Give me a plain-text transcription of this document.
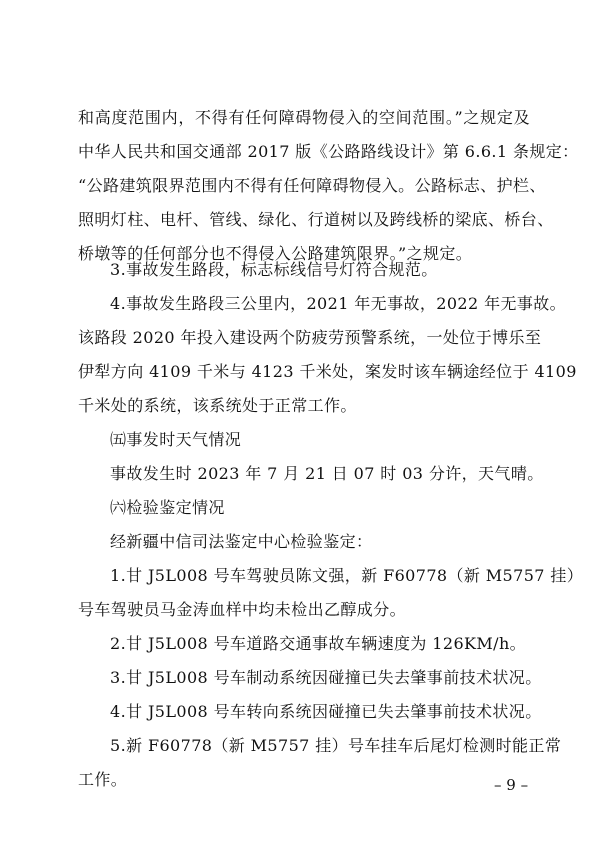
和高度范围内，不得有任何障碍物侵入的空间范围。”之规定及
中华人民共和国交通部 2017 版《公路路线设计》第 6.6.1 条规定：
“公路建筑限界范围内不得有任何障碍物侵入。公路标志、护栏、
照明灯柱、电杆、管线、绿化、行道树以及跨线桥的梁底、桥台、
桥墩等的任何部分也不得侵入公路建筑限界。”之规定。
3.事故发生路段，标志标线信号灯符合规范。
4.事故发生路段三公里内，2021 年无事故，2022 年无事故。
该路段 2020 年投入建设两个防疲劳预警系统，一处位于博乐至
伊犁方向 4109 千米与 4123 千米处，案发时该车辆途经位于 4109
千米处的系统，该系统处于正常工作。
㈤事发时天气情况
事故发生时 2023 年 7 月 21 日 07 时 03 分许，天气晴。
㈥检验鉴定情况
经新疆中信司法鉴定中心检验鉴定：
1.甘 J5L008 号车驾驶员陈文强，新 F60778（新 M5757 挂）
号车驾驶员马金涛血样中均未检出乙醇成分。
2.甘 J5L008 号车道路交通事故车辆速度为 126KM/h。
3.甘 J5L008 号车制动系统因碰撞已失去肇事前技术状况。
4.甘 J5L008 号车转向系统因碰撞已失去肇事前技术状况。
5.新 F60778（新 M5757 挂）号车挂车后尾灯检测时能正常
工作。	– 9 –
